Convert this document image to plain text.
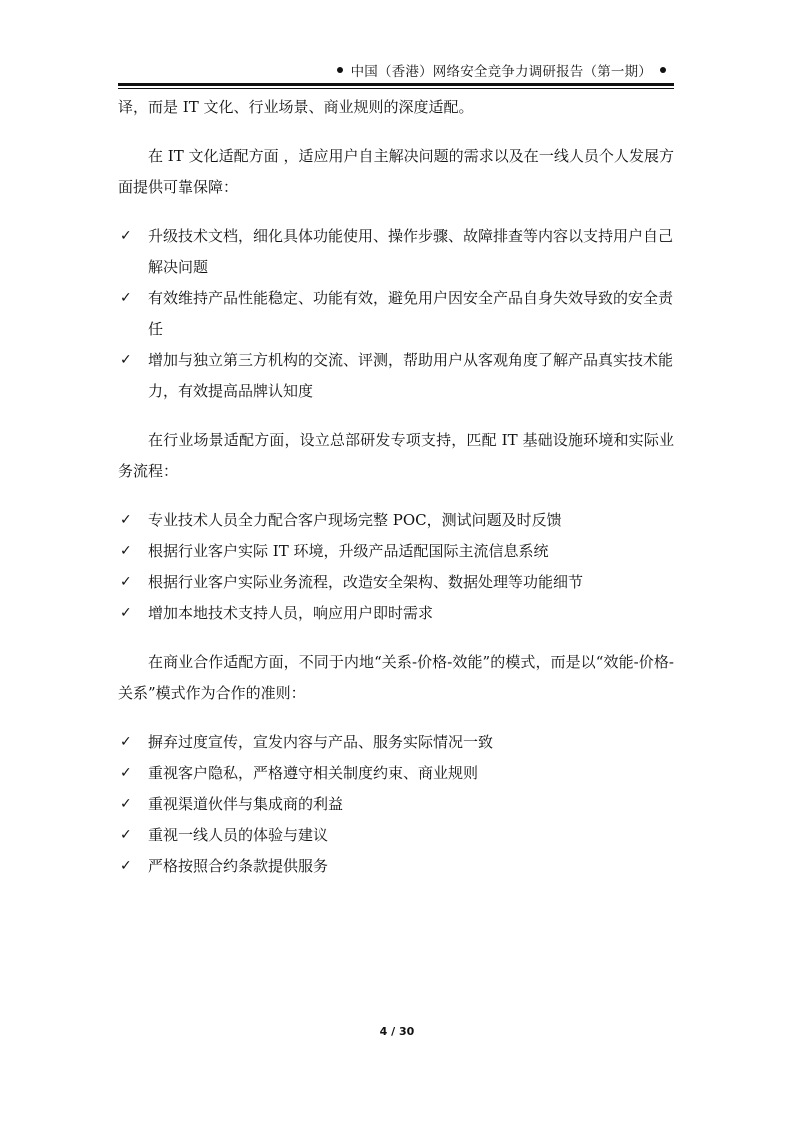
中国（香港）网络安全竞争力调研报告（第一期）

译，而是 IT 文化、行业场景、商业规则的深度适配。

在 IT 文化适配方面 ，适应用户自主解决问题的需求以及在一线人员个人发展方面提供可靠保障：

✓ 升级技术文档，细化具体功能使用、操作步骤、故障排查等内容以支持用户自己解决问题
✓ 有效维持产品性能稳定、功能有效，避免用户因安全产品自身失效导致的安全责任
✓ 增加与独立第三方机构的交流、评测，帮助用户从客观角度了解产品真实技术能力，有效提高品牌认知度

在行业场景适配方面，设立总部研发专项支持，匹配 IT 基础设施环境和实际业务流程：

✓ 专业技术人员全力配合客户现场完整 POC，测试问题及时反馈
✓ 根据行业客户实际 IT 环境，升级产品适配国际主流信息系统
✓ 根据行业客户实际业务流程，改造安全架构、数据处理等功能细节
✓ 增加本地技术支持人员，响应用户即时需求

在商业合作适配方面，不同于内地“关系-价格-效能”的模式，而是以“效能-价格-关系”模式作为合作的准则：

✓ 摒弃过度宣传，宣发内容与产品、服务实际情况一致
✓ 重视客户隐私，严格遵守相关制度约束、商业规则
✓ 重视渠道伙伴与集成商的利益
✓ 重视一线人员的体验与建议
✓ 严格按照合约条款提供服务
4 / 30
